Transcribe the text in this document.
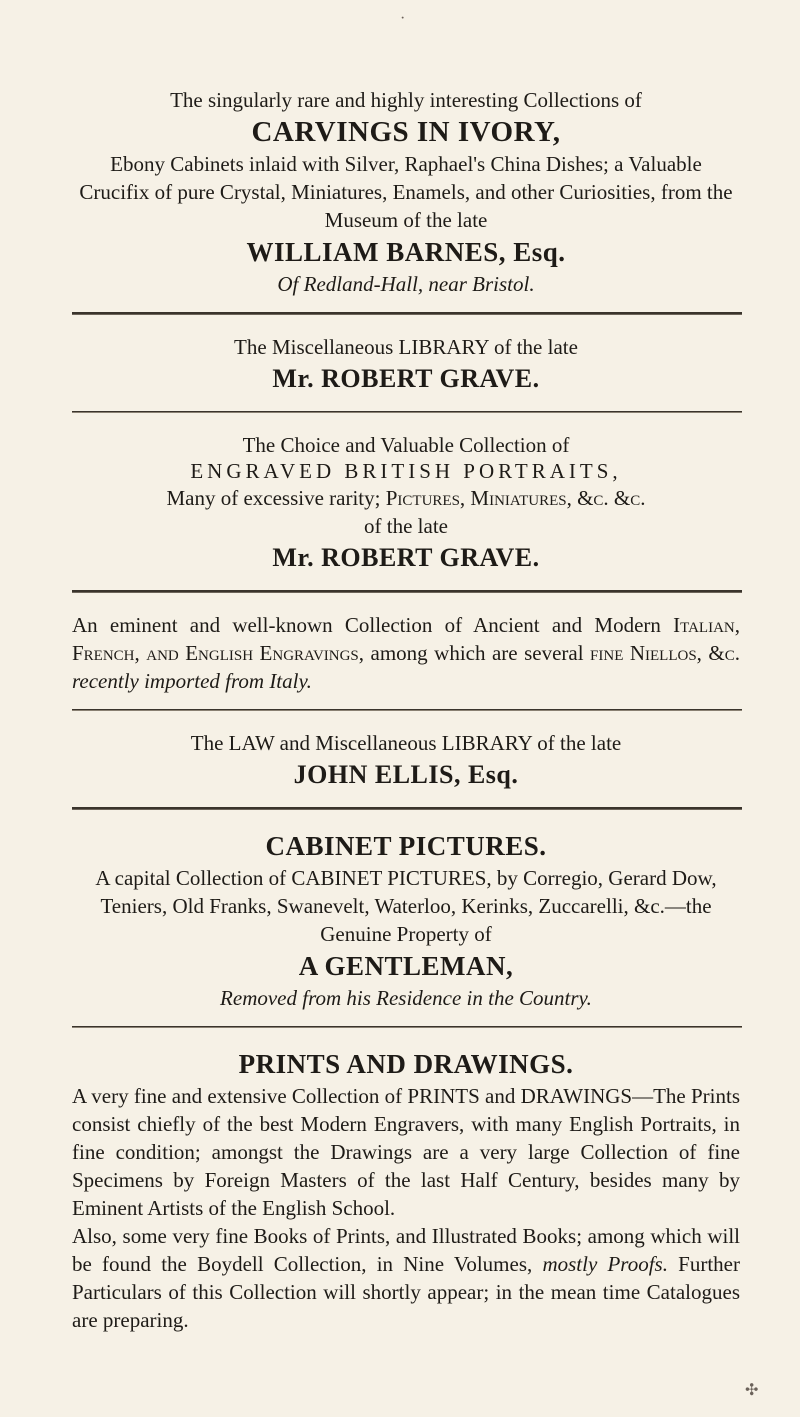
The singularly rare and highly interesting Collections of
CARVINGS IN IVORY,
Ebony Cabinets inlaid with Silver, Raphael's China Dishes; a Valuable Crucifix of pure Crystal, Miniatures, Enamels, and other Curiosities, from the Museum of the late
WILLIAM BARNES, Esq.
Of Redland-Hall, near Bristol.
The Miscellaneous LIBRARY of the late
Mr. ROBERT GRAVE.
The Choice and Valuable Collection of
ENGRAVED BRITISH PORTRAITS,
Many of excessive rarity; Pictures, Miniatures, &c. &c.
of the late
Mr. ROBERT GRAVE.
An eminent and well-known Collection of Ancient and Modern Italian, French, and English Engravings, among which are several fine Niellos, &c. recently imported from Italy.
The LAW and Miscellaneous LIBRARY of the late
JOHN ELLIS, Esq.
CABINET PICTURES.
A capital Collection of CABINET PICTURES, by Corregio, Gerard Dow, Teniers, Old Franks, Swanevelt, Waterloo, Kerinks, Zuccarelli, &c.—the Genuine Property of
A GENTLEMAN,
Removed from his Residence in the Country.
PRINTS AND DRAWINGS.
A very fine and extensive Collection of PRINTS and DRAWINGS—The Prints consist chiefly of the best Modern Engravers, with many English Portraits, in fine condition; amongst the Drawings are a very large Collection of fine Specimens by Foreign Masters of the last Half Century, besides many by Eminent Artists of the English School.
Also, some very fine Books of Prints, and Illustrated Books; among which will be found the Boydell Collection, in Nine Volumes, mostly Proofs. Further Particulars of this Collection will shortly appear; in the mean time Catalogues are preparing.
·
✣
